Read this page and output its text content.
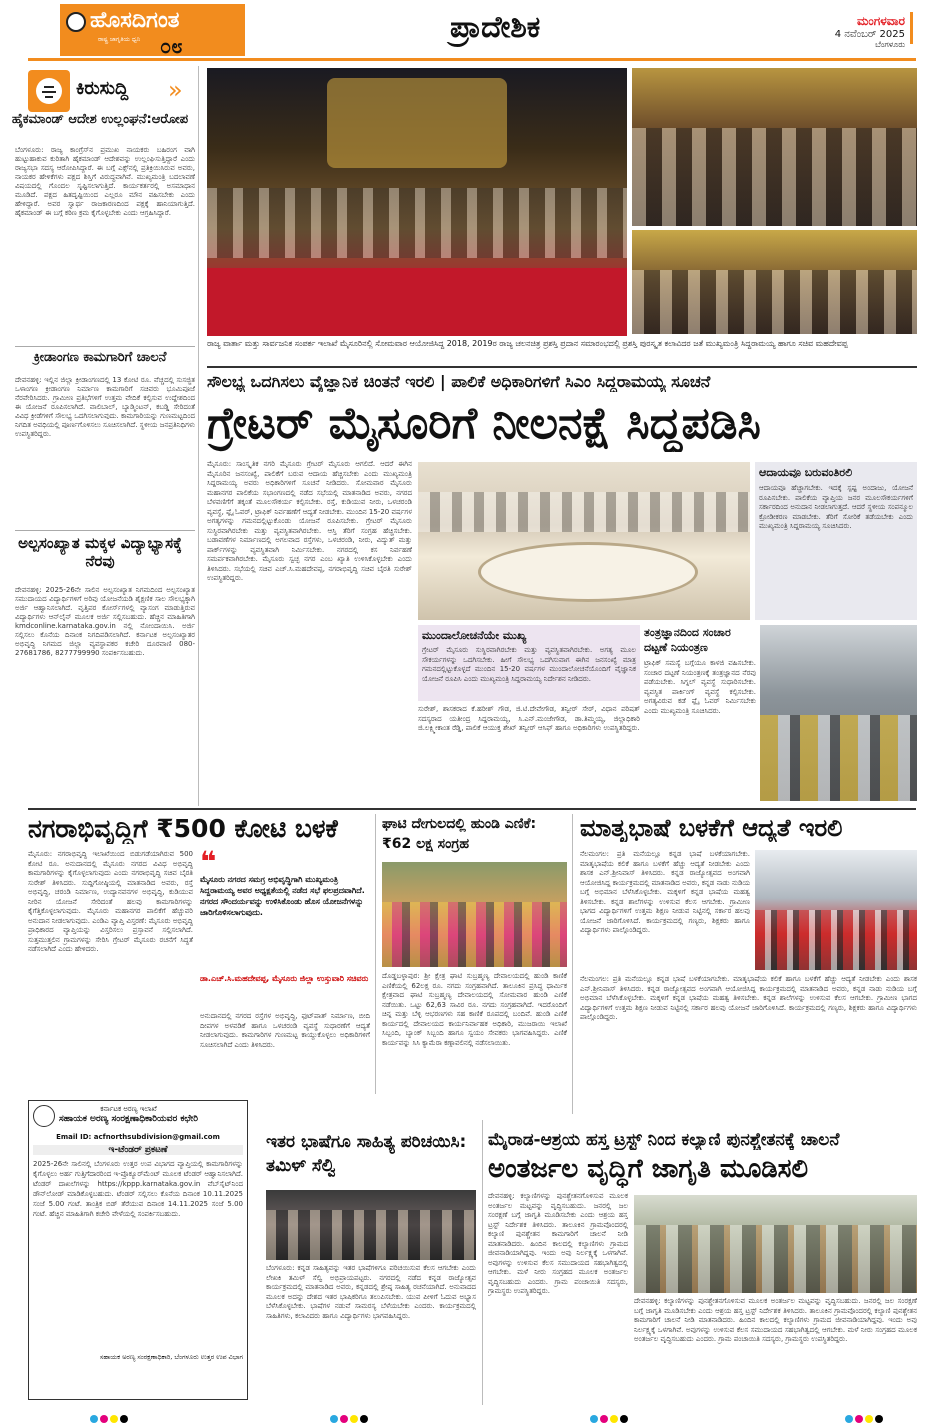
ಹೊಸದಿಗಂತ
ರಾಷ್ಟ್ರ ಜಾಗೃತಿಯ ಧ್ವನಿ ೦೮
ಪ್ರಾದೇಶಿಕ	ಮಂಗಳವಾರ
4 ನವೆಂಬರ್ 2025
ಬೆಂಗಳೂರು
ಕಿರುಸುದ್ದಿ »
ಹೈಕಮಾಂಡ್ ಆದೇಶ ಉಲ್ಲಂಘನೆ:ಆರೋಪ
ಬೆಂಗಳೂರು: ರಾಜ್ಯ ಕಾಂಗ್ರೆಸ್‌ನ ಪ್ರಮುಖ ನಾಯಕರು ಬಹಿರಂಗ ವಾಗಿ ಹುಟ್ಟುಹಾಕುವ ಕುರಿತಾಗಿ ಹೈಕಮಾಂಡ್ ಆದೇಶವನ್ನು ಉಲ್ಲಂಘಿಸುತ್ತಿದ್ದಾರೆ ಎಂದು ರಾಜ್ಯಸಭಾ ಸದಸ್ಯ ಆರೋಪಿಸಿದ್ದಾರೆ. ಈ ಬಗ್ಗೆ ಎಕ್ಸ್‌ನಲ್ಲಿ ಪ್ರತಿಕ್ರಿಯಿಸಿರುವ ಅವರು, ನಾಯಕರ ಹೇಳಿಕೆಗಳು ಪಕ್ಷದ ಶಿಸ್ತಿಗೆ ವಿರುದ್ಧವಾಗಿವೆ. ಮುಖ್ಯಮಂತ್ರಿ ಬದಲಾವಣೆ ವಿಷಯದಲ್ಲಿ ಗೊಂದಲ ಸೃಷ್ಟಿಸಲಾಗುತ್ತಿದೆ. ಕಾರ್ಯಕರ್ತರಲ್ಲಿ ಅಸಮಾಧಾನ ಮೂಡಿದೆ. ಪಕ್ಷದ ಹಿತದೃಷ್ಟಿಯಿಂದ ಎಲ್ಲರೂ ಮೌನ ವಹಿಸಬೇಕು ಎಂದು ಹೇಳಿದ್ದಾರೆ. ಅವರ ಸ್ವಾರ್ಥ ರಾಜಕಾರಣದಿಂದ ಪಕ್ಷಕ್ಕೆ ಹಾನಿಯಾಗುತ್ತಿದೆ. ಹೈಕಮಾಂಡ್ ಈ ಬಗ್ಗೆ ಕಠಿಣ ಕ್ರಮ ಕೈಗೊಳ್ಳಬೇಕು ಎಂದು ಆಗ್ರಹಿಸಿದ್ದಾರೆ.
ಕ್ರೀಡಾಂಗಣ ಕಾಮಗಾರಿಗೆ ಚಾಲನೆ
ದೇವನಹಳ್ಳಿ: ಇಲ್ಲಿನ ಜಿಲ್ಲಾ ಕ್ರೀಡಾಂಗಣದಲ್ಲಿ 13 ಕೋಟಿ ರೂ. ವೆಚ್ಚದಲ್ಲಿ ಸುಸಜ್ಜಿತ ಒಳಾಂಗಣ ಕ್ರೀಡಾಂಗಣ ನಿರ್ಮಾಣ ಕಾಮಗಾರಿಗೆ ಸಚಿವರು ಭೂಮಿಪೂಜೆ ನೆರವೇರಿಸಿದರು. ಗ್ರಾಮೀಣ ಪ್ರತಿಭೆಗಳಿಗೆ ಉತ್ತಮ ವೇದಿಕೆ ಕಲ್ಪಿಸುವ ಉದ್ದೇಶದಿಂದ ಈ ಯೋಜನೆ ರೂಪಿಸಲಾಗಿದೆ. ವಾಲಿಬಾಲ್, ಬ್ಯಾಡ್ಮಿಂಟನ್, ಕಬಡ್ಡಿ ಸೇರಿದಂತೆ ವಿವಿಧ ಕ್ರೀಡೆಗಳಿಗೆ ಸೌಲಭ್ಯ ಒದಗಿಸಲಾಗುವುದು. ಕಾಮಗಾರಿಯನ್ನು ಗುಣಮಟ್ಟದಿಂದ ನಿಗದಿತ ಅವಧಿಯಲ್ಲಿ ಪೂರ್ಣಗೊಳಿಸಲು ಸೂಚಿಸಲಾಗಿದೆ. ಸ್ಥಳೀಯ ಜನಪ್ರತಿನಿಧಿಗಳು ಉಪಸ್ಥಿತರಿದ್ದರು.
ಅಲ್ಪಸಂಖ್ಯಾತ ಮಕ್ಕಳ ವಿದ್ಯಾಭ್ಯಾಸಕ್ಕೆ ನೆರವು
ದೇವನಹಳ್ಳಿ: 2025-26ನೇ ಸಾಲಿನ ಅಲ್ಪಸಂಖ್ಯಾತ ನಿಗಮದಿಂದ ಅಲ್ಪಸಂಖ್ಯಾತ ಸಮುದಾಯದ ವಿದ್ಯಾರ್ಥಿಗಳಿಗೆ ಅರಿವು ಯೋಜನೆಯಡಿ ಶೈಕ್ಷಣಿಕ ಸಾಲ ಸೌಲಭ್ಯಕ್ಕಾಗಿ ಅರ್ಜಿ ಆಹ್ವಾನಿಸಲಾಗಿದೆ. ವೃತ್ತಿಪರ ಕೋರ್ಸ್‌ಗಳಲ್ಲಿ ವ್ಯಾಸಂಗ ಮಾಡುತ್ತಿರುವ ವಿದ್ಯಾರ್ಥಿಗಳು ಆನ್‌ಲೈನ್ ಮೂಲಕ ಅರ್ಜಿ ಸಲ್ಲಿಸಬಹುದು. ಹೆಚ್ಚಿನ ಮಾಹಿತಿಗಾಗಿ kmdconline.karnataka.gov.in ನಲ್ಲಿ ನೋಂದಾಯಿಸಿ. ಅರ್ಜಿ ಸಲ್ಲಿಸಲು ಕೊನೆಯ ದಿನಾಂಕ ನಿಗದಿಪಡಿಸಲಾಗಿದೆ. ಕರ್ನಾಟಕ ಅಲ್ಪಸಂಖ್ಯಾತರ ಅಭಿವೃದ್ಧಿ ನಿಗಮದ ಜಿಲ್ಲಾ ವ್ಯವಸ್ಥಾಪಕರ ಕಚೇರಿ ದೂರವಾಣಿ 080-27681786, 8277799990 ಸಂಪರ್ಕಿಸಬಹುದು.
ರಾಜ್ಯ ವಾರ್ತಾ ಮತ್ತು ಸಾರ್ವಜನಿಕ ಸಂಪರ್ಕ ಇಲಾಖೆ ಮೈಸೂರಿನಲ್ಲಿ ಸೋಮವಾರ ಆಯೋಜಿಸಿದ್ದ 2018, 2019ರ ರಾಜ್ಯ ಚಲನಚಿತ್ರ ಪ್ರಶಸ್ತಿ ಪ್ರದಾನ ಸಮಾರಂಭದಲ್ಲಿ ಪ್ರಶಸ್ತಿ ಪುರಸ್ಕೃತ ಕಲಾವಿದರ ಜತೆ ಮುಖ್ಯಮಂತ್ರಿ ಸಿದ್ದರಾಮಯ್ಯ ಹಾಗೂ ಸಚಿವ ಮಹದೇವಪ್ಪ
ಸೌಲಭ್ಯ ಒದಗಿಸಲು ವೈಜ್ಞಾನಿಕ ಚಿಂತನೆ ಇರಲಿ | ಪಾಲಿಕೆ ಅಧಿಕಾರಿಗಳಿಗೆ ಸಿಎಂ ಸಿದ್ದರಾಮಯ್ಯ ಸೂಚನೆ
ಗ್ರೇಟರ್ ಮೈಸೂರಿಗೆ ನೀಲನಕ್ಷೆ ಸಿದ್ಧಪಡಿಸಿ
ಮೈಸೂರು: ಸಾಂಸ್ಕೃತಿಕ ನಗರಿ ಮೈಸೂರು ಗ್ರೇಟರ್ ಮೈಸೂರು ಆಗಲಿದೆ. ಆದರೆ ಈಗಿನ ಮೈಸೂರಿನ ಜನಸಂಖ್ಯೆ, ಪಾಲಿಕೆಗೆ ಬರುವ ಆದಾಯ ಹೆಚ್ಚಿಸಬೇಕು ಎಂದು ಮುಖ್ಯಮಂತ್ರಿ ಸಿದ್ದರಾಮಯ್ಯ ಅವರು ಅಧಿಕಾರಿಗಳಿಗೆ ಸೂಚನೆ ನೀಡಿದರು. ಸೋಮವಾರ ಮೈಸೂರು ಮಹಾನಗರ ಪಾಲಿಕೆಯ ಸಭಾಂಗಣದಲ್ಲಿ ನಡೆದ ಸಭೆಯಲ್ಲಿ ಮಾತನಾಡಿದ ಅವರು, ನಗರದ ಬೆಳವಣಿಗೆಗೆ ತಕ್ಕಂತೆ ಮೂಲಸೌಕರ್ಯ ಕಲ್ಪಿಸಬೇಕು. ರಸ್ತೆ, ಕುಡಿಯುವ ನೀರು, ಒಳಚರಂಡಿ ವ್ಯವಸ್ಥೆ, ಫ್ಲೈ ಓವರ್, ಟ್ರಾಫಿಕ್ ನಿರ್ವಹಣೆಗೆ ಆದ್ಯತೆ ನೀಡಬೇಕು. ಮುಂದಿನ 15-20 ವರ್ಷಗಳ ಅಗತ್ಯಗಳನ್ನು ಗಮನದಲ್ಲಿಟ್ಟುಕೊಂಡು ಯೋಜನೆ ರೂಪಿಸಬೇಕು. ಗ್ರೇಟರ್ ಮೈಸೂರು ಸುಸ್ಥಿರವಾಗಿರಬೇಕು ಮತ್ತು ವ್ಯವಸ್ಥಿತವಾಗಿರಬೇಕು. ಆಸ್ತಿ ತೆರಿಗೆ ಸಂಗ್ರಹ ಹೆಚ್ಚಿಸಬೇಕು. ಬಡಾವಣೆಗಳ ನಿರ್ಮಾಣದಲ್ಲಿ ಅಗಲವಾದ ರಸ್ತೆಗಳು, ಒಳಚರಂಡಿ, ನೀರು, ವಿದ್ಯುತ್ ಮತ್ತು ಪಾರ್ಕ್‌ಗಳನ್ನು ವ್ಯವಸ್ಥಿತವಾಗಿ ನಿರ್ಮಿಸಬೇಕು. ನಗರದಲ್ಲಿ ಕಸ ನಿರ್ವಹಣೆ ಸಮರ್ಪಕವಾಗಿರಬೇಕು. ಮೈಸೂರು ಸ್ವಚ್ಛ ನಗರ ಎಂಬ ಖ್ಯಾತಿ ಉಳಿಸಿಕೊಳ್ಳಬೇಕು ಎಂದು ತಿಳಿಸಿದರು. ಸಭೆಯಲ್ಲಿ ಸಚಿವ ಎಚ್.ಸಿ.ಮಹದೇವಪ್ಪ, ನಗರಾಭಿವೃದ್ಧಿ ಸಚಿವ ಬೈರತಿ ಸುರೇಶ್ ಉಪಸ್ಥಿತರಿದ್ದರು.
ಆದಾಯವೂ ಬರುವಂತಿರಲಿ
ಆದಾಯವೂ ಹೆಚ್ಚಾಗಬೇಕು. ಇದಕ್ಕೆ ಸ್ಪಷ್ಟ ಅಂದಾಜು, ಯೋಜನೆ ರೂಪಿಸಬೇಕು. ಪಾಲಿಕೆಯ ವ್ಯಾಪ್ತಿಯ ಜನರ ಮೂಲಸೌಕರ್ಯಗಳಿಗೆ ಸರ್ಕಾರದಿಂದ ಅನುದಾನ ನೀಡಲಾಗುತ್ತದೆ. ಆದರೆ ಸ್ಥಳೀಯ ಸಂಪನ್ಮೂಲ ಕ್ರೋಡೀಕರಣ ಮಾಡಬೇಕು. ತೆರಿಗೆ ಸೋರಿಕೆ ತಡೆಯಬೇಕು ಎಂದು ಮುಖ್ಯಮಂತ್ರಿ ಸಿದ್ದರಾಮಯ್ಯ ಸೂಚಿಸಿದರು.
ಮುಂದಾಲೋಚನೆಯೇ ಮುಖ್ಯ
ಗ್ರೇಟರ್ ಮೈಸೂರು ಸುಸ್ಥಿರವಾಗಿರಬೇಕು ಮತ್ತು ವ್ಯವಸ್ಥಿತವಾಗಿರಬೇಕು. ಅಗತ್ಯ ಮೂಲ ಸೌಕರ್ಯಗಳನ್ನು ಒದಗಿಸಬೇಕು. ಹೀಗೆ ಸೌಲಭ್ಯ ಒದಗಿಸುವಾಗ ಈಗಿನ ಜನಸಂಖ್ಯೆ ಮಾತ್ರ ಗಮನದಲ್ಲಿಟ್ಟುಕೊಳ್ಳದೆ ಮುಂದಿನ 15-20 ವರ್ಷಗಳ ಮುಂದಾಲೋಚನೆಯೊಂದಿಗೆ ವೈಜ್ಞಾನಿಕ ಯೋಜನೆ ರೂಪಿಸಿ ಎಂದು ಮುಖ್ಯಮಂತ್ರಿ ಸಿದ್ದರಾಮಯ್ಯ ನಿರ್ದೇಶನ ನೀಡಿದರು.
ಸುರೇಶ್, ಶಾಸಕರಾದ ಕೆ.ಹರೀಶ್ ಗೌಡ, ಜಿ.ಟಿ.ದೇವೇಗೌಡ, ತನ್ವೀರ್ ಸೇಠ್, ವಿಧಾನ ಪರಿಷತ್ ಸದಸ್ಯರಾದ ಯತೀಂದ್ರ ಸಿದ್ದರಾಮಯ್ಯ, ಸಿ.ಎನ್.ಮಂಜೇಗೌಡ, ಡಾ.ತಿಮ್ಮಯ್ಯ, ಜಿಲ್ಲಾಧಿಕಾರಿ ಜಿ.ಲಕ್ಷ್ಮೀಕಾಂತ ರೆಡ್ಡಿ, ಪಾಲಿಕೆ ಆಯುಕ್ತ ಶೇಖ್ ತನ್ವೀರ್ ಆಸಿಫ್ ಹಾಗೂ ಅಧಿಕಾರಿಗಳು ಉಪಸ್ಥಿತರಿದ್ದರು.
ತಂತ್ರಜ್ಞಾನದಿಂದ ಸಂಚಾರ ದಟ್ಟಣೆ ನಿಯಂತ್ರಣ
ಟ್ರಾಫಿಕ್ ಸಮಸ್ಯೆ ಬಗ್ಗೆಯೂ ಕಾಳಜಿ ವಹಿಸಬೇಕು. ಸಂಚಾರ ದಟ್ಟಣೆ ನಿಯಂತ್ರಣಕ್ಕೆ ತಂತ್ರಜ್ಞಾನದ ನೆರವು ಪಡೆಯಬೇಕು. ಸಿಗ್ನಲ್ ವ್ಯವಸ್ಥೆ ಸುಧಾರಿಸಬೇಕು. ವ್ಯವಸ್ಥಿತ ಪಾರ್ಕಿಂಗ್ ವ್ಯವಸ್ಥೆ ಕಲ್ಪಿಸಬೇಕು. ಅಗತ್ಯವಿರುವ ಕಡೆ ಫ್ಲೈ ಓವರ್ ನಿರ್ಮಿಸಬೇಕು ಎಂದು ಮುಖ್ಯಮಂತ್ರಿ ಸೂಚಿಸಿದರು.
ನಗರಾಭಿವೃದ್ಧಿಗೆ ₹500 ಕೋಟಿ ಬಳಕೆ
ಮೈಸೂರು: ನಗರಾಭಿವೃದ್ಧಿ ಇಲಾಖೆಯಿಂದ ಬಿಡುಗಡೆಯಾಗಿರುವ 500 ಕೋಟಿ ರೂ. ಅನುದಾನದಲ್ಲಿ ಮೈಸೂರು ನಗರದ ವಿವಿಧ ಅಭಿವೃದ್ಧಿ ಕಾಮಗಾರಿಗಳನ್ನು ಕೈಗೊಳ್ಳಲಾಗುವುದು ಎಂದು ನಗರಾಭಿವೃದ್ಧಿ ಸಚಿವ ಬೈರತಿ ಸುರೇಶ್ ತಿಳಿಸಿದರು. ಸುದ್ದಿಗೋಷ್ಠಿಯಲ್ಲಿ ಮಾತನಾಡಿದ ಅವರು, ರಸ್ತೆ ಅಭಿವೃದ್ಧಿ, ಚರಂಡಿ ನಿರ್ಮಾಣ, ಉದ್ಯಾನವನಗಳ ಅಭಿವೃದ್ಧಿ, ಕುಡಿಯುವ ನೀರಿನ ಯೋಜನೆ ಸೇರಿದಂತೆ ಹಲವು ಕಾಮಗಾರಿಗಳನ್ನು ಕೈಗೆತ್ತಿಕೊಳ್ಳಲಾಗುವುದು. ಮೈಸೂರು ಮಹಾನಗರ ಪಾಲಿಕೆಗೆ ಹೆಚ್ಚುವರಿ ಅನುದಾನ ನೀಡಲಾಗುವುದು. ಎಂಡಿಎ ವ್ಯಾಪ್ತಿ ವಿಸ್ತರಣೆ: ಮೈಸೂರು ಅಭಿವೃದ್ಧಿ ಪ್ರಾಧಿಕಾರದ ವ್ಯಾಪ್ತಿಯನ್ನು ವಿಸ್ತರಿಸಲು ಪ್ರಸ್ತಾವನೆ ಸಲ್ಲಿಸಲಾಗಿದೆ. ಸುತ್ತಮುತ್ತಲಿನ ಗ್ರಾಮಗಳನ್ನು ಸೇರಿಸಿ ಗ್ರೇಟರ್ ಮೈಸೂರು ರಚನೆಗೆ ಸಿದ್ಧತೆ ನಡೆಸಲಾಗಿದೆ ಎಂದು ಹೇಳಿದರು.
❝
ಮೈಸೂರು ನಗರದ ಸಮಗ್ರ ಅಭಿವೃದ್ಧಿಗಾಗಿ ಮುಖ್ಯಮಂತ್ರಿ ಸಿದ್ದರಾಮಯ್ಯ ಅವರ ಅಧ್ಯಕ್ಷತೆಯಲ್ಲಿ ನಡೆದ ಸಭೆ ಫಲಪ್ರದವಾಗಿದೆ. ನಗರದ ಸೌಂದರ್ಯವನ್ನು ಉಳಿಸಿಕೊಂಡು ಹೊಸ ಯೋಜನೆಗಳನ್ನು ಜಾರಿಗೊಳಿಸಲಾಗುವುದು.
ಡಾ.ಎಚ್.ಸಿ.ಮಹದೇವಪ್ಪ, ಮೈಸೂರು ಜಿಲ್ಲಾ ಉಸ್ತುವಾರಿ ಸಚಿವರು
ಅನುದಾನದಲ್ಲಿ ನಗರದ ರಸ್ತೆಗಳ ಅಭಿವೃದ್ಧಿ, ಫುಟ್‌ಪಾತ್ ನಿರ್ಮಾಣ, ಬೀದಿ ದೀಪಗಳ ಅಳವಡಿಕೆ ಹಾಗೂ ಒಳಚರಂಡಿ ವ್ಯವಸ್ಥೆ ಸುಧಾರಣೆಗೆ ಆದ್ಯತೆ ನೀಡಲಾಗುವುದು. ಕಾಮಗಾರಿಗಳ ಗುಣಮಟ್ಟ ಕಾಯ್ದುಕೊಳ್ಳಲು ಅಧಿಕಾರಿಗಳಿಗೆ ಸೂಚಿಸಲಾಗಿದೆ ಎಂದು ತಿಳಿಸಿದರು.
ಘಾಟಿ ದೇಗುಲದಲ್ಲಿ ಹುಂಡಿ ಎಣಿಕೆ: ₹62 ಲಕ್ಷ ಸಂಗ್ರಹ
ದೊಡ್ಡಬಳ್ಳಾಪುರ: ಶ್ರೀ ಕ್ಷೇತ್ರ ಘಾಟಿ ಸುಬ್ರಹ್ಮಣ್ಯ ದೇವಾಲಯದಲ್ಲಿ ಹುಂಡಿ ಕಾಣಿಕೆ ಎಣಿಕೆಯಲ್ಲಿ 62ಲಕ್ಷ ರೂ. ನಗದು ಸಂಗ್ರಹವಾಗಿದೆ. ತಾಲೂಕಿನ ಪ್ರಸಿದ್ಧ ಧಾರ್ಮಿಕ ಕ್ಷೇತ್ರವಾದ ಘಾಟಿ ಸುಬ್ರಹ್ಮಣ್ಯ ದೇವಾಲಯದಲ್ಲಿ ಸೋಮವಾರ ಹುಂಡಿ ಎಣಿಕೆ ನಡೆಯಿತು. ಒಟ್ಟು 62,63 ಸಾವಿರ ರೂ. ನಗದು ಸಂಗ್ರಹವಾಗಿದೆ. ಇದರೊಂದಿಗೆ ಚಿನ್ನ ಮತ್ತು ಬೆಳ್ಳಿ ಆಭರಣಗಳು ಸಹ ಕಾಣಿಕೆ ರೂಪದಲ್ಲಿ ಬಂದಿವೆ. ಹುಂಡಿ ಎಣಿಕೆ ಕಾರ್ಯದಲ್ಲಿ ದೇವಾಲಯದ ಕಾರ್ಯನಿರ್ವಾಹಕ ಅಧಿಕಾರಿ, ಮುಜರಾಯಿ ಇಲಾಖೆ ಸಿಬ್ಬಂದಿ, ಬ್ಯಾಂಕ್ ಸಿಬ್ಬಂದಿ ಹಾಗೂ ಸ್ವಯಂ ಸೇವಕರು ಭಾಗವಹಿಸಿದ್ದರು. ಎಣಿಕೆ ಕಾರ್ಯವನ್ನು ಸಿಸಿ ಕ್ಯಾಮೆರಾ ಕಣ್ಗಾವಲಿನಲ್ಲಿ ನಡೆಸಲಾಯಿತು.
ಮಾತೃಭಾಷೆ ಬಳಕೆಗೆ ಆದ್ಯತೆ ಇರಲಿ
ನೆಲಮಂಗಲ: ಪ್ರತಿ ಮನೆಯಲ್ಲೂ ಕನ್ನಡ ಭಾಷೆ ಬಳಕೆಯಾಗಬೇಕು. ಮಾತೃಭಾಷೆಯ ಕಲಿಕೆ ಹಾಗೂ ಬಳಕೆಗೆ ಹೆಚ್ಚು ಆದ್ಯತೆ ನೀಡಬೇಕು ಎಂದು ಶಾಸಕ ಎನ್.ಶ್ರೀನಿವಾಸ್ ತಿಳಿಸಿದರು. ಕನ್ನಡ ರಾಜ್ಯೋತ್ಸವದ ಅಂಗವಾಗಿ ಆಯೋಜಿಸಿದ್ದ ಕಾರ್ಯಕ್ರಮದಲ್ಲಿ ಮಾತನಾಡಿದ ಅವರು, ಕನ್ನಡ ನಾಡು ನುಡಿಯ ಬಗ್ಗೆ ಅಭಿಮಾನ ಬೆಳೆಸಿಕೊಳ್ಳಬೇಕು. ಮಕ್ಕಳಿಗೆ ಕನ್ನಡ ಭಾಷೆಯ ಮಹತ್ವ ತಿಳಿಸಬೇಕು. ಕನ್ನಡ ಶಾಲೆಗಳನ್ನು ಉಳಿಸುವ ಕೆಲಸ ಆಗಬೇಕು. ಗ್ರಾಮೀಣ ಭಾಗದ ವಿದ್ಯಾರ್ಥಿಗಳಿಗೆ ಉತ್ತಮ ಶಿಕ್ಷಣ ನೀಡುವ ನಿಟ್ಟಿನಲ್ಲಿ ಸರ್ಕಾರ ಹಲವು ಯೋಜನೆ ಜಾರಿಗೊಳಿಸಿದೆ. ಕಾರ್ಯಕ್ರಮದಲ್ಲಿ ಗಣ್ಯರು, ಶಿಕ್ಷಕರು ಹಾಗೂ ವಿದ್ಯಾರ್ಥಿಗಳು ಪಾಲ್ಗೊಂಡಿದ್ದರು.
ನೆಲಮಂಗಲ: ಪ್ರತಿ ಮನೆಯಲ್ಲೂ ಕನ್ನಡ ಭಾಷೆ ಬಳಕೆಯಾಗಬೇಕು. ಮಾತೃಭಾಷೆಯ ಕಲಿಕೆ ಹಾಗೂ ಬಳಕೆಗೆ ಹೆಚ್ಚು ಆದ್ಯತೆ ನೀಡಬೇಕು ಎಂದು ಶಾಸಕ ಎನ್.ಶ್ರೀನಿವಾಸ್ ತಿಳಿಸಿದರು. ಕನ್ನಡ ರಾಜ್ಯೋತ್ಸವದ ಅಂಗವಾಗಿ ಆಯೋಜಿಸಿದ್ದ ಕಾರ್ಯಕ್ರಮದಲ್ಲಿ ಮಾತನಾಡಿದ ಅವರು, ಕನ್ನಡ ನಾಡು ನುಡಿಯ ಬಗ್ಗೆ ಅಭಿಮಾನ ಬೆಳೆಸಿಕೊಳ್ಳಬೇಕು. ಮಕ್ಕಳಿಗೆ ಕನ್ನಡ ಭಾಷೆಯ ಮಹತ್ವ ತಿಳಿಸಬೇಕು. ಕನ್ನಡ ಶಾಲೆಗಳನ್ನು ಉಳಿಸುವ ಕೆಲಸ ಆಗಬೇಕು. ಗ್ರಾಮೀಣ ಭಾಗದ ವಿದ್ಯಾರ್ಥಿಗಳಿಗೆ ಉತ್ತಮ ಶಿಕ್ಷಣ ನೀಡುವ ನಿಟ್ಟಿನಲ್ಲಿ ಸರ್ಕಾರ ಹಲವು ಯೋಜನೆ ಜಾರಿಗೊಳಿಸಿದೆ. ಕಾರ್ಯಕ್ರಮದಲ್ಲಿ ಗಣ್ಯರು, ಶಿಕ್ಷಕರು ಹಾಗೂ ವಿದ್ಯಾರ್ಥಿಗಳು ಪಾಲ್ಗೊಂಡಿದ್ದರು.
ಕರ್ನಾಟಕ ಅರಣ್ಯ ಇಲಾಖೆ
ಸಹಾಯಕ ಅರಣ್ಯ ಸಂರಕ್ಷಣಾಧಿಕಾರಿಯವರ ಕಛೇರಿ
Email ID: acfnorthsubdivision@gmail.com
ಇ-ಟೆಂಡರ್ ಪ್ರಕಟಣೆ
2025-26ನೇ ಸಾಲಿನಲ್ಲಿ ಬೆಂಗಳೂರು ಉತ್ತರ ಉಪ ವಿಭಾಗದ ವ್ಯಾಪ್ತಿಯಲ್ಲಿ ಕಾಮಗಾರಿಗಳನ್ನು ಕೈಗೊಳ್ಳಲು ಅರ್ಹ ಗುತ್ತಿಗೆದಾರರಿಂದ ಇ-ಪ್ರೊಕ್ಯೂರ್‌ಮೆಂಟ್ ಮೂಲಕ ಟೆಂಡರ್ ಆಹ್ವಾನಿಸಲಾಗಿದೆ. ಟೆಂಡರ್ ದಾಖಲೆಗಳನ್ನು https://kppp.karnataka.gov.in ವೆಬ್‌ಸೈಟ್‌ನಿಂದ ಡೌನ್‌ಲೋಡ್ ಮಾಡಿಕೊಳ್ಳಬಹುದು. ಟೆಂಡರ್ ಸಲ್ಲಿಸಲು ಕೊನೆಯ ದಿನಾಂಕ 10.11.2025 ಸಂಜೆ 5.00 ಗಂಟೆ. ತಾಂತ್ರಿಕ ಬಿಡ್ ತೆರೆಯುವ ದಿನಾಂಕ 14.11.2025 ಸಂಜೆ 5.00 ಗಂಟೆ. ಹೆಚ್ಚಿನ ಮಾಹಿತಿಗಾಗಿ ಕಚೇರಿ ವೇಳೆಯಲ್ಲಿ ಸಂಪರ್ಕಿಸಬಹುದು.
ಸಹಾಯಕ ಅರಣ್ಯ ಸಂರಕ್ಷಣಾಧಿಕಾರಿ, ಬೆಂಗಳೂರು ಉತ್ತರ ಉಪ ವಿಭಾಗ
ಇತರ ಭಾಷೆಗೂ ಸಾಹಿತ್ಯ ಪರಿಚಯಿಸಿ: ತಮಿಳ್ ಸೆಲ್ವಿ
ಬೆಂಗಳೂರು: ಕನ್ನಡ ಸಾಹಿತ್ಯವನ್ನು ಇತರ ಭಾಷೆಗಳಿಗೂ ಪರಿಚಯಿಸುವ ಕೆಲಸ ಆಗಬೇಕು ಎಂದು ಲೇಖಕಿ ತಮಿಳ್ ಸೆಲ್ವಿ ಅಭಿಪ್ರಾಯಪಟ್ಟರು. ನಗರದಲ್ಲಿ ನಡೆದ ಕನ್ನಡ ರಾಜ್ಯೋತ್ಸವ ಕಾರ್ಯಕ್ರಮದಲ್ಲಿ ಮಾತನಾಡಿದ ಅವರು, ಕನ್ನಡದಲ್ಲಿ ಶ್ರೇಷ್ಠ ಸಾಹಿತ್ಯ ರಚನೆಯಾಗಿದೆ. ಅನುವಾದದ ಮೂಲಕ ಅದನ್ನು ದೇಶದ ಇತರ ಭಾಷಿಕರಿಗೂ ತಲುಪಿಸಬೇಕು. ಯುವ ಪೀಳಿಗೆ ಓದುವ ಅಭ್ಯಾಸ ಬೆಳೆಸಿಕೊಳ್ಳಬೇಕು. ಭಾಷೆಗಳ ನಡುವೆ ಸಾಮರಸ್ಯ ಬೆಳೆಯಬೇಕು ಎಂದರು. ಕಾರ್ಯಕ್ರಮದಲ್ಲಿ ಸಾಹಿತಿಗಳು, ಕಲಾವಿದರು ಹಾಗೂ ವಿದ್ಯಾರ್ಥಿಗಳು ಭಾಗವಹಿಸಿದ್ದರು.
ಮೈರಾಡ-ಆಶ್ರಯ ಹಸ್ತ ಟ್ರಸ್ಟ್ ನಿಂದ ಕಲ್ಯಾಣಿ ಪುನಶ್ಚೇತನಕ್ಕೆ ಚಾಲನೆ
ಅಂತರ್ಜಲ ವೃದ್ಧಿಗೆ ಜಾಗೃತಿ ಮೂಡಿಸಲಿ
ದೇವನಹಳ್ಳಿ: ಕಲ್ಯಾಣಿಗಳನ್ನು ಪುನಶ್ಚೇತನಗೊಳಿಸುವ ಮೂಲಕ ಅಂತರ್ಜಲ ಮಟ್ಟವನ್ನು ವೃದ್ಧಿಸಬಹುದು. ಜನರಲ್ಲಿ ಜಲ ಸಂರಕ್ಷಣೆ ಬಗ್ಗೆ ಜಾಗೃತಿ ಮೂಡಿಸಬೇಕು ಎಂದು ಆಶ್ರಯ ಹಸ್ತ ಟ್ರಸ್ಟ್ ನಿರ್ದೇಶಕ ತಿಳಿಸಿದರು. ತಾಲೂಕಿನ ಗ್ರಾಮವೊಂದರಲ್ಲಿ ಕಲ್ಯಾಣಿ ಪುನಶ್ಚೇತನ ಕಾಮಗಾರಿಗೆ ಚಾಲನೆ ನೀಡಿ ಮಾತನಾಡಿದರು. ಹಿಂದಿನ ಕಾಲದಲ್ಲಿ ಕಲ್ಯಾಣಿಗಳು ಗ್ರಾಮದ ಜೀವನಾಡಿಯಾಗಿದ್ದವು. ಇಂದು ಅವು ನಿರ್ಲಕ್ಷ್ಯಕ್ಕೆ ಒಳಗಾಗಿವೆ. ಅವುಗಳನ್ನು ಉಳಿಸುವ ಕೆಲಸ ಸಮುದಾಯದ ಸಹಭಾಗಿತ್ವದಲ್ಲಿ ಆಗಬೇಕು. ಮಳೆ ನೀರು ಸಂಗ್ರಹದ ಮೂಲಕ ಅಂತರ್ಜಲ ವೃದ್ಧಿಸಬಹುದು ಎಂದರು. ಗ್ರಾಮ ಪಂಚಾಯಿತಿ ಸದಸ್ಯರು, ಗ್ರಾಮಸ್ಥರು ಉಪಸ್ಥಿತರಿದ್ದರು.
ದೇವನಹಳ್ಳಿ: ಕಲ್ಯಾಣಿಗಳನ್ನು ಪುನಶ್ಚೇತನಗೊಳಿಸುವ ಮೂಲಕ ಅಂತರ್ಜಲ ಮಟ್ಟವನ್ನು ವೃದ್ಧಿಸಬಹುದು. ಜನರಲ್ಲಿ ಜಲ ಸಂರಕ್ಷಣೆ ಬಗ್ಗೆ ಜಾಗೃತಿ ಮೂಡಿಸಬೇಕು ಎಂದು ಆಶ್ರಯ ಹಸ್ತ ಟ್ರಸ್ಟ್ ನಿರ್ದೇಶಕ ತಿಳಿಸಿದರು. ತಾಲೂಕಿನ ಗ್ರಾಮವೊಂದರಲ್ಲಿ ಕಲ್ಯಾಣಿ ಪುನಶ್ಚೇತನ ಕಾಮಗಾರಿಗೆ ಚಾಲನೆ ನೀಡಿ ಮಾತನಾಡಿದರು. ಹಿಂದಿನ ಕಾಲದಲ್ಲಿ ಕಲ್ಯಾಣಿಗಳು ಗ್ರಾಮದ ಜೀವನಾಡಿಯಾಗಿದ್ದವು. ಇಂದು ಅವು ನಿರ್ಲಕ್ಷ್ಯಕ್ಕೆ ಒಳಗಾಗಿವೆ. ಅವುಗಳನ್ನು ಉಳಿಸುವ ಕೆಲಸ ಸಮುದಾಯದ ಸಹಭಾಗಿತ್ವದಲ್ಲಿ ಆಗಬೇಕು. ಮಳೆ ನೀರು ಸಂಗ್ರಹದ ಮೂಲಕ ಅಂತರ್ಜಲ ವೃದ್ಧಿಸಬಹುದು ಎಂದರು. ಗ್ರಾಮ ಪಂಚಾಯಿತಿ ಸದಸ್ಯರು, ಗ್ರಾಮಸ್ಥರು ಉಪಸ್ಥಿತರಿದ್ದರು.
